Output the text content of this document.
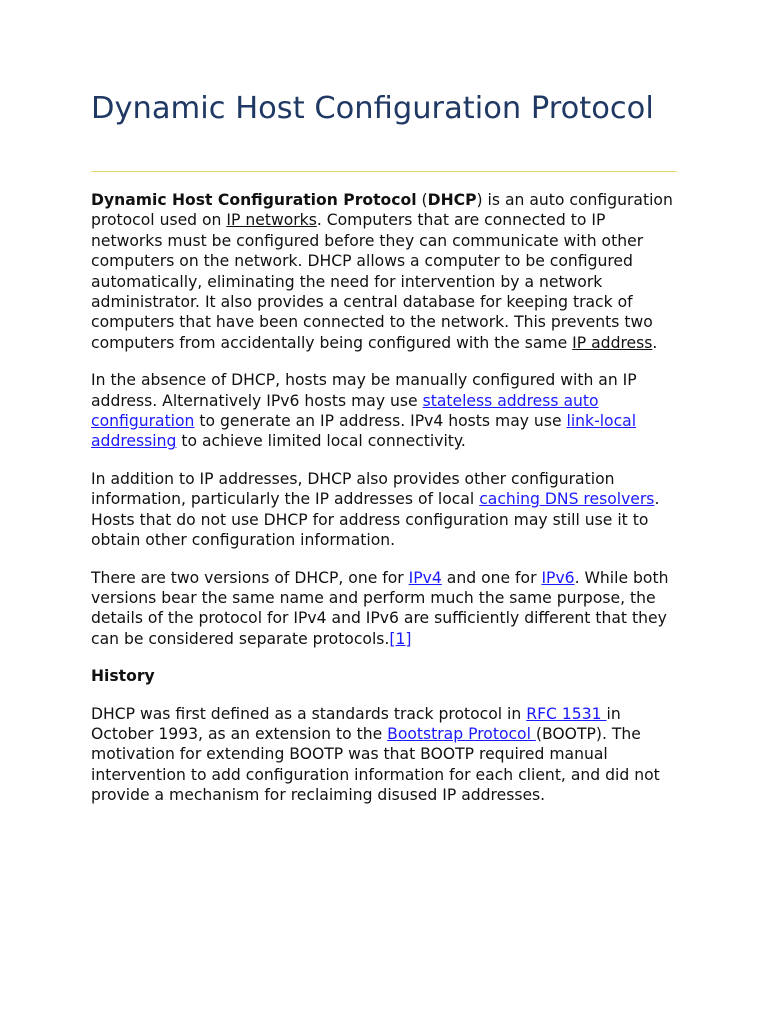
Dynamic Host Configuration Protocol

Dynamic Host Configuration Protocol (DHCP) is an auto configuration protocol used on IP networks. Computers that are connected to IP networks must be configured before they can communicate with other computers on the network. DHCP allows a computer to be configured automatically, eliminating the need for intervention by a network administrator. It also provides a central database for keeping track of computers that have been connected to the network. This prevents two computers from accidentally being configured with the same IP address.

In the absence of DHCP, hosts may be manually configured with an IP address. Alternatively IPv6 hosts may use stateless address auto configuration to generate an IP address. IPv4 hosts may use link-local addressing to achieve limited local connectivity.

In addition to IP addresses, DHCP also provides other configuration information, particularly the IP addresses of local caching DNS resolvers. Hosts that do not use DHCP for address configuration may still use it to obtain other configuration information.

There are two versions of DHCP, one for IPv4 and one for IPv6. While both versions bear the same name and perform much the same purpose, the details of the protocol for IPv4 and IPv6 are sufficiently different that they can be considered separate protocols.[1]

History

DHCP was first defined as a standards track protocol in RFC 1531 in October 1993, as an extension to the Bootstrap Protocol (BOOTP). The motivation for extending BOOTP was that BOOTP required manual intervention to add configuration information for each client, and did not provide a mechanism for reclaiming disused IP addresses.
